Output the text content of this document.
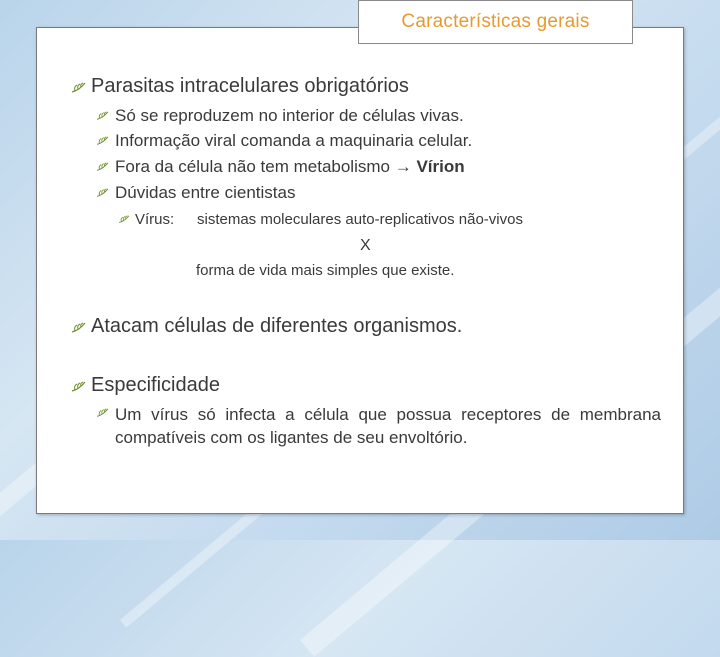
Características gerais
Parasitas intracelulares obrigatórios
Só se reproduzem no interior de células vivas.
Informação viral comanda a maquinaria celular.
Fora da célula não tem metabolismo → Vírion
Dúvidas entre cientistas
Vírus: sistemas moleculares auto-replicativos não-vivos
X
forma de vida mais simples que existe.
Atacam células de diferentes organismos.
Especificidade
Um vírus só infecta a célula que possua receptores de membrana compatíveis com os ligantes de seu envoltório.
